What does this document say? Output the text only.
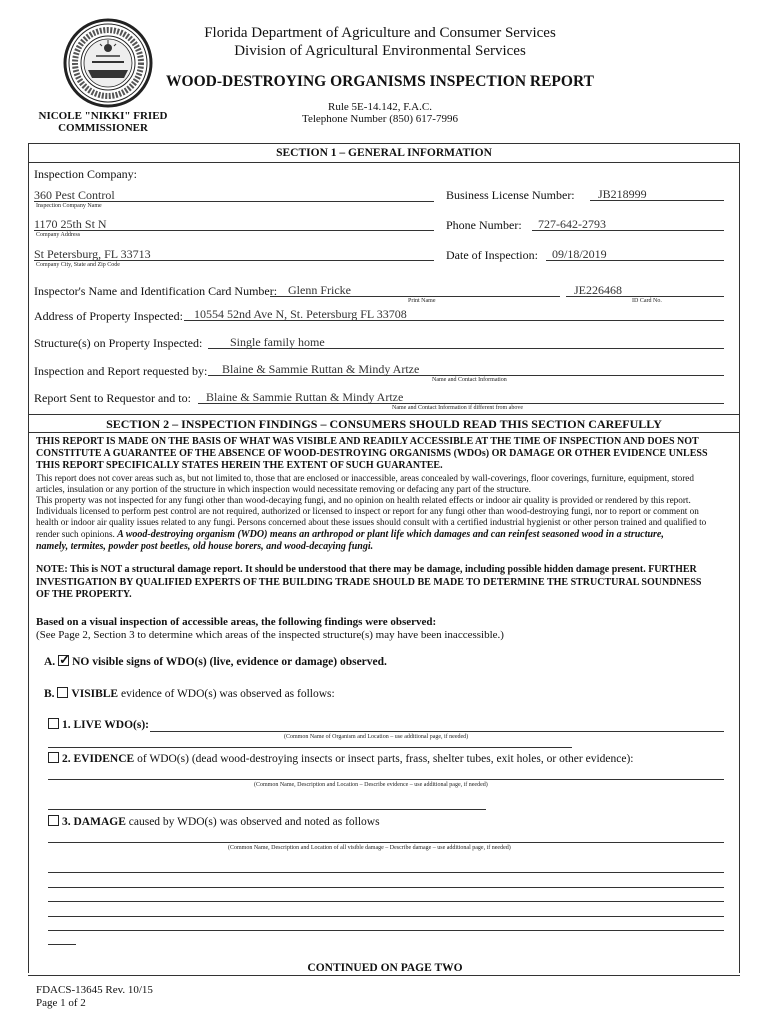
Florida Department of Agriculture and Consumer Services
Division of Agricultural Environmental Services
WOOD-DESTROYING ORGANISMS INSPECTION REPORT
Rule 5E-14.142, F.A.C.
Telephone Number (850) 617-7996
NICOLE "NIKKI" FRIED
COMMISSIONER
SECTION 1 – GENERAL INFORMATION
Inspection Company:
360 Pest Control
Inspection Company Name
Business License Number:	JB218999
1170 25th St N
Company Address
Phone Number:	727-642-2793
St Petersburg, FL 33713
Company City, State and Zip Code
Date of Inspection:	09/18/2019
Inspector's Name and Identification Card Number: Glenn Fricke	JE226468
Print Name	ID Card No.
Address of Property Inspected: 10554 52nd Ave N, St. Petersburg FL 33708
Structure(s) on Property Inspected:	Single family home
Inspection and Report requested by:	Blaine & Sammie Ruttan & Mindy Artze
Name and Contact Information
Report Sent to Requestor and to:	Blaine & Sammie Ruttan & Mindy Artze
Name and Contact Information if different from above
SECTION 2 – INSPECTION FINDINGS – CONSUMERS SHOULD READ THIS SECTION CAREFULLY
THIS REPORT IS MADE ON THE BASIS OF WHAT WAS VISIBLE AND READILY ACCESSIBLE AT THE TIME OF INSPECTION AND DOES NOT
CONSTITUTE A GUARANTEE OF THE ABSENCE OF WOOD-DESTROYING ORGANISMS (WDOs) OR DAMAGE OR OTHER EVIDENCE UNLESS
THIS REPORT SPECIFICALLY STATES HEREIN THE EXTENT OF SUCH GUARANTEE.
This report does not cover areas such as, but not limited to, those that are enclosed or inaccessible, areas concealed by wall-coverings, floor coverings, furniture, equipment, stored
articles, insulation or any portion of the structure in which inspection would necessitate removing or defacing any part of the structure.
This property was not inspected for any fungi other than wood-decaying fungi, and no opinion on health related effects or indoor air quality is provided or rendered by this report.
Individuals licensed to perform pest control are not required, authorized or licensed to inspect or report for any fungi other than wood-destroying fungi, nor to report or comment on
health or indoor air quality issues related to any fungi. Persons concerned about these issues should consult with a certified industrial hygienist or other person trained and qualified to
render such opinions. A wood-destroying organism (WDO) means an arthropod or plant life which damages and can reinfest seasoned wood in a structure,
namely, termites, powder post beetles, old house borers, and wood-decaying fungi.
NOTE: This is NOT a structural damage report. It should be understood that there may be damage, including possible hidden damage present. FURTHER
INVESTIGATION BY QUALIFIED EXPERTS OF THE BUILDING TRADE SHOULD BE MADE TO DETERMINE THE STRUCTURAL SOUNDNESS
OF THE PROPERTY.
Based on a visual inspection of accessible areas, the following findings were observed:
(See Page 2, Section 3 to determine which areas of the inspected structure(s) may have been inaccessible.)
A. ✓ NO visible signs of WDO(s) (live, evidence or damage) observed.
B. VISIBLE evidence of WDO(s) was observed as follows:
1. LIVE WDO(s):
(Common Name of Organism and Location – use additional page, if needed)
2. EVIDENCE of WDO(s) (dead wood-destroying insects or insect parts, frass, shelter tubes, exit holes, or other evidence):
(Common Name, Description and Location – Describe evidence – use additional page, if needed)
3. DAMAGE caused by WDO(s) was observed and noted as follows
(Common Name, Description and Location of all visible damage – Describe damage – use additional page, if needed)
CONTINUED ON PAGE TWO
FDACS-13645 Rev. 10/15
Page 1 of 2
